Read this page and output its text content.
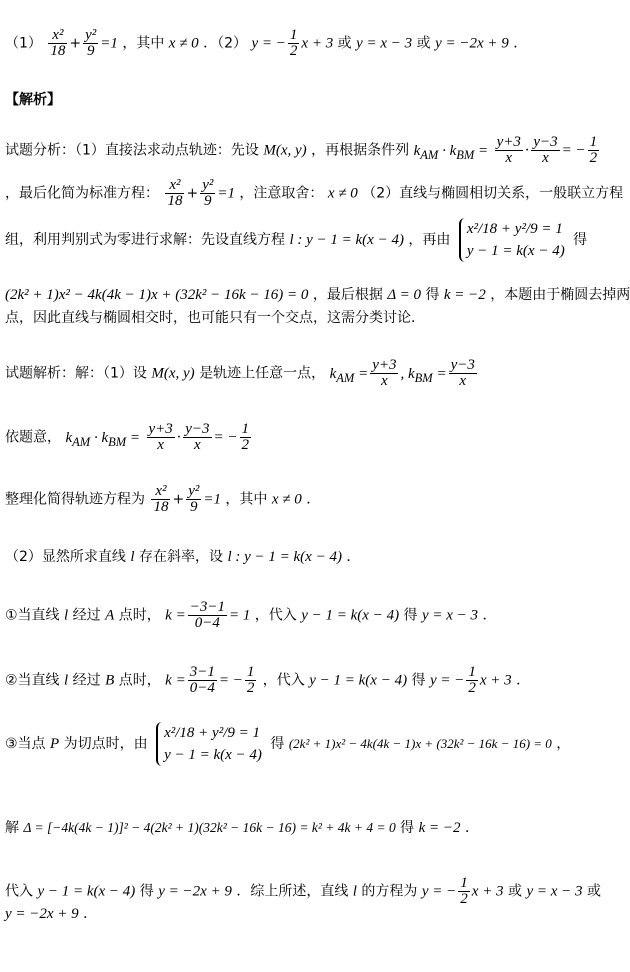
$(1) \frac{\text{x²}}{18} + \frac{\text{y²}}{9} =1$ ，其中 x ≠ 0 ．（2） y = − $\frac{1}{2}$ x + 3 或 y = x − 3 或 y = −2x + 9 ．
【解析】
试题分析：（1）直接法求动点轨迹：先设 M(x, y) ，再根据条件列 $k_{AM} \cdot k_{BM} = \frac{y+3}{x} \cdot \frac{y-3}{x}$ = − $\frac{1}{2}$
，最后化简为标准方程： $\frac{\text{x²}}{18} + \frac{\text{y²}}{9} =1$ ，注意取舍： x ≠ 0 （2）直线与椭圆相切关系，一般联立方程
组，利用判别式为零进行求解：先设直线方程 l : y − 1 = k(x − 4) ，再由
x²/18 + y²/9 = 1
y − 1 = k(x − 4)
得
(2k² + 1)x² − 4k(4k − 1)x + (32k² − 16k − 16) = 0 ，最后根据 Δ = 0 得 k = −2 ，本题由于椭圆去掉两
点，因此直线与椭圆相交时，也可能只有一个交点，这需分类讨论.
试题解析：解：（1）设 M(x, y) 是轨迹上任意一点， $k_{AM} = \frac{y+3}{x}$ , $k_{BM} = \frac{y-3}{x}$
依题意， $k_{AM} \cdot k_{BM} = \frac{y+3}{x} \cdot \frac{y-3}{x}$ = − $\frac{1}{2}$
整理化简得轨迹方程为 $\frac{\text{x²}}{18} + \frac{\text{y²}}{9} =1$ ，其中 x ≠ 0 ．
（2）显然所求直线 l 存在斜率，设 l : y − 1 = k(x − 4) ．
①当直线 l 经过 A 点时， $k = \frac{-3-1}{0-4} = 1$ ，代入 y − 1 = k(x − 4) 得 y = x − 3 ．
②当直线 l 经过 B 点时， $k = \frac{3-1}{0-4}$ = − $\frac{1}{2}$ ，代入 y − 1 = k(x − 4) 得 y = − $\frac{1}{2}$ x + 3 ．
③当点 P 为切点时，由
x²/18 + y²/9 = 1
y − 1 = k(x − 4)
得 (2k² + 1)x² − 4k(4k − 1)x + (32k² − 16k − 16) = 0 ，
解 Δ = [−4k(4k − 1)]² − 4(2k² + 1)(32k² − 16k − 16) = k² + 4k + 4 = 0 得 k = −2 ．
代入 y − 1 = k(x − 4) 得 y = −2x + 9 ．综上所述，直线 l 的方程为 y = − $\frac{1}{2}$ x + 3 或 y = x − 3 或
y = −2x + 9 ．
